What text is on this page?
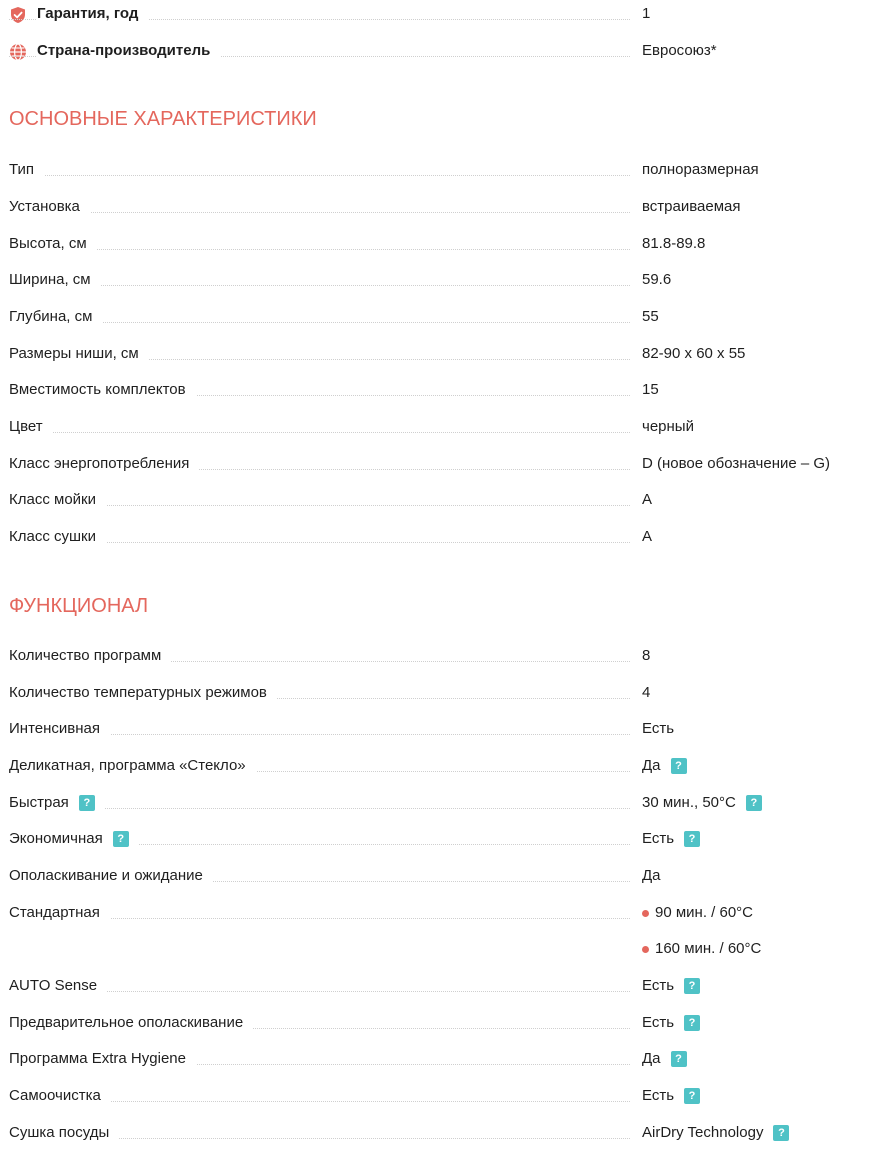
Гарантия, год	1
Страна-производитель	Евросоюз*
ОСНОВНЫЕ ХАРАКТЕРИСТИКИ
Тип	полноразмерная
Установка	встраиваемая
Высота, см	81.8-89.8
Ширина, см	59.6
Глубина, см	55
Размеры ниши, см	82-90 x 60 x 55
Вместимость комплектов	15
Цвет	черный
Класс энергопотребления	D (новое обозначение – G)
Класс мойки	A
Класс сушки	A
ФУНКЦИОНАЛ
Количество программ	8
Количество температурных режимов	4
Интенсивная	Есть
Деликатная, программа «Стекло»	Да	?
Быстрая	?	30 мин., 50°C	?
Экономичная	?	Есть	?
Ополаскивание и ожидание	Да
Стандартная	90 мин. / 60°C
160 мин. / 60°C
AUTO Sense	Есть	?
Предварительное ополаскивание	Есть	?
Программа Extra Hygiene	Да	?
Самоочистка	Есть	?
Сушка посуды	AirDry Technology	?
